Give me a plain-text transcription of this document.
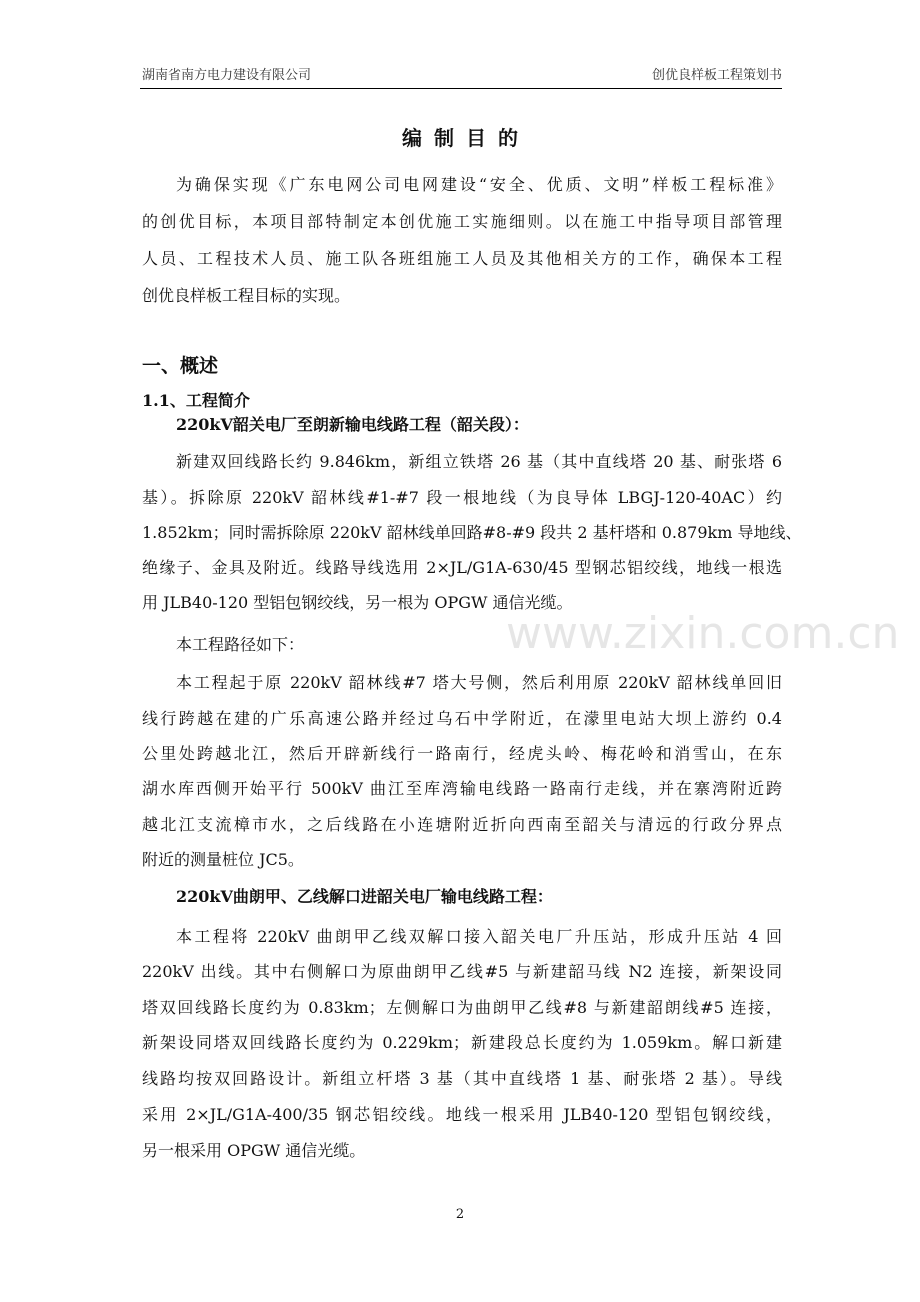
湖南省南方电力建设有限公司	创优良样板工程策划书
编制目的
为确保实现《广东电网公司电网建设“安全、优质、文明”样板工程标准》
的创优目标，本项目部特制定本创优施工实施细则。以在施工中指导项目部管理
人员、工程技术人员、施工队各班组施工人员及其他相关方的工作，确保本工程
创优良样板工程目标的实现。
一、概述
1.1、工程简介
220kV韶关电厂至朗新输电线路工程（韶关段）：
新建双回线路长约 9.846km，新组立铁塔 26 基（其中直线塔 20 基、耐张塔 6
基）。拆除原 220kV 韶林线#1-#7 段一根地线（为良导体 LBGJ-120-40AC）约
1.852km；同时需拆除原 220kV 韶林线单回路#8-#9 段共 2 基杆塔和 0.879km 导地线、
绝缘子、金具及附近。线路导线选用 2×JL/G1A-630/45 型钢芯铝绞线，地线一根选
用 JLB40-120 型铝包钢绞线，另一根为 OPGW 通信光缆。
本工程路径如下：
本工程起于原 220kV 韶林线#7 塔大号侧，然后利用原 220kV 韶林线单回旧
线行跨越在建的广乐高速公路并经过乌石中学附近，在濛里电站大坝上游约 0.4
公里处跨越北江，然后开辟新线行一路南行，经虎头岭、梅花岭和消雪山，在东
湖水库西侧开始平行 500kV 曲江至库湾输电线路一路南行走线，并在寨湾附近跨
越北江支流樟市水，之后线路在小连塘附近折向西南至韶关与清远的行政分界点
附近的测量桩位 JC5。
220kV曲朗甲、乙线解口进韶关电厂输电线路工程：
本工程将 220kV 曲朗甲乙线双解口接入韶关电厂升压站，形成升压站 4 回
220kV 出线。其中右侧解口为原曲朗甲乙线#5 与新建韶马线 N2 连接，新架设同
塔双回线路长度约为 0.83km；左侧解口为曲朗甲乙线#8 与新建韶朗线#5 连接，
新架设同塔双回线路长度约为 0.229km；新建段总长度约为 1.059km。解口新建
线路均按双回路设计。新组立杆塔 3 基（其中直线塔 1 基、耐张塔 2 基）。导线
采用 2×JL/G1A-400/35 钢芯铝绞线。地线一根采用 JLB40-120 型铝包钢绞线，
另一根采用 OPGW 通信光缆。
www.zixin.com.cn
2
